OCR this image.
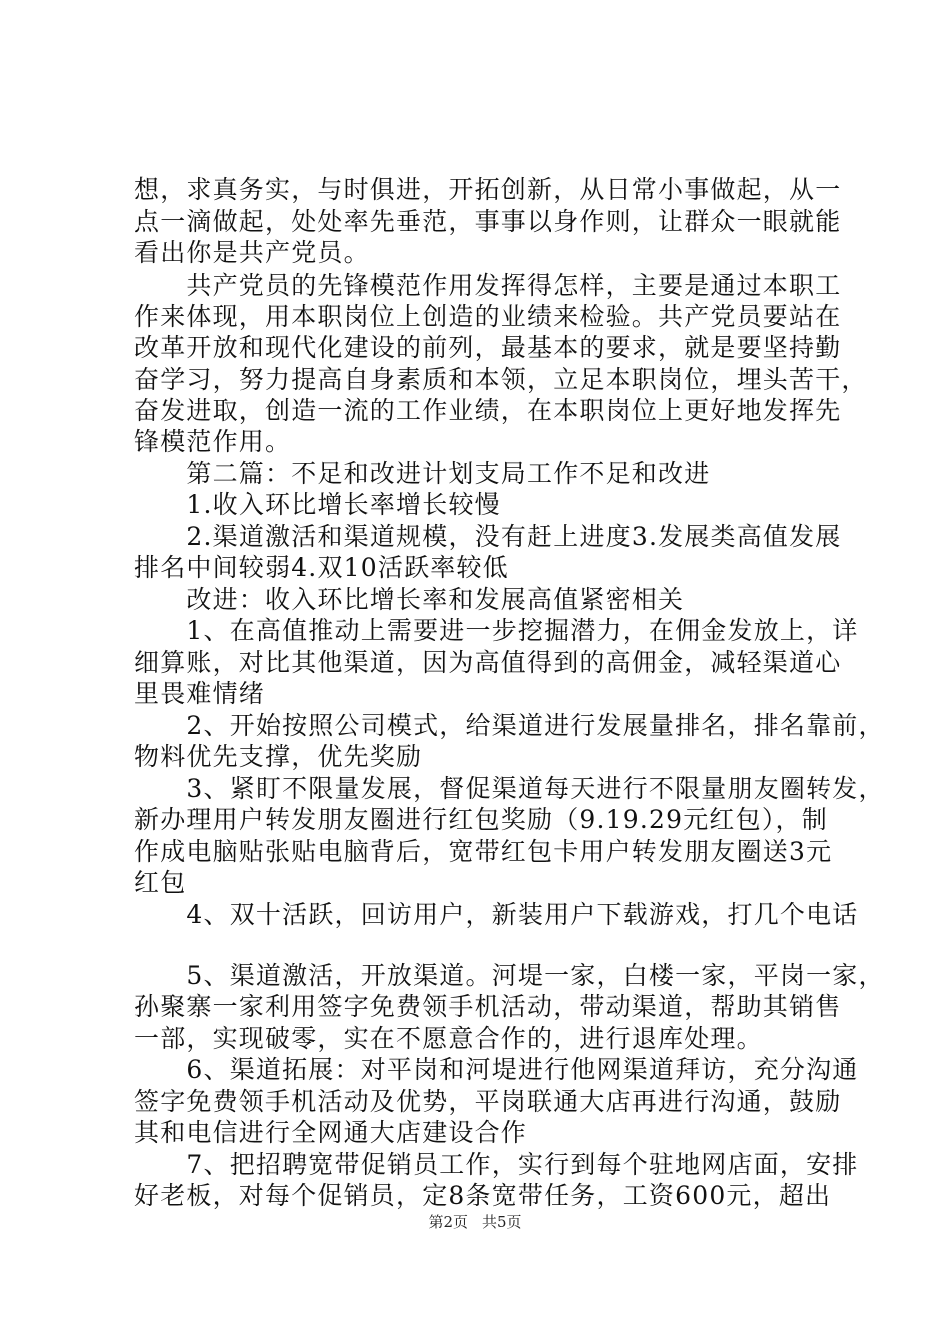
想，求真务实，与时俱进，开拓创新，从日常小事做起，从一
点一滴做起，处处率先垂范，事事以身作则，让群众一眼就能
看出你是共产党员。
　　共产党员的先锋模范作用发挥得怎样，主要是通过本职工
作来体现，用本职岗位上创造的业绩来检验。共产党员要站在
改革开放和现代化建设的前列，最基本的要求，就是要坚持勤
奋学习，努力提高自身素质和本领，立足本职岗位，埋头苦干，
奋发进取，创造一流的工作业绩，在本职岗位上更好地发挥先
锋模范作用。
　　第二篇：不足和改进计划支局工作不足和改进
　　1.收入环比增长率增长较慢
　　2.渠道激活和渠道规模，没有赶上进度3.发展类高值发展
排名中间较弱4.双10活跃率较低
　　改进：收入环比增长率和发展高值紧密相关
　　1、在高值推动上需要进一步挖掘潜力，在佣金发放上，详
细算账，对比其他渠道，因为高值得到的高佣金，减轻渠道心
里畏难情绪
　　2、开始按照公司模式，给渠道进行发展量排名，排名靠前，
物料优先支撑，优先奖励
　　3、紧盯不限量发展，督促渠道每天进行不限量朋友圈转发，
新办理用户转发朋友圈进行红包奖励（9.19.29元红包），制
作成电脑贴张贴电脑背后，宽带红包卡用户转发朋友圈送3元
红包
　　4、双十活跃，回访用户，新装用户下载游戏，打几个电话
　　5、渠道激活，开放渠道。河堤一家，白楼一家，平岗一家，
孙聚寨一家利用签字免费领手机活动，带动渠道，帮助其销售
一部，实现破零，实在不愿意合作的，进行退库处理。
　　6、渠道拓展：对平岗和河堤进行他网渠道拜访，充分沟通
签字免费领手机活动及优势，平岗联通大店再进行沟通，鼓励
其和电信进行全网通大店建设合作
　　7、把招聘宽带促销员工作，实行到每个驻地网店面，安排
好老板，对每个促销员，定8条宽带任务，工资600元，超出
第2页 共5页
